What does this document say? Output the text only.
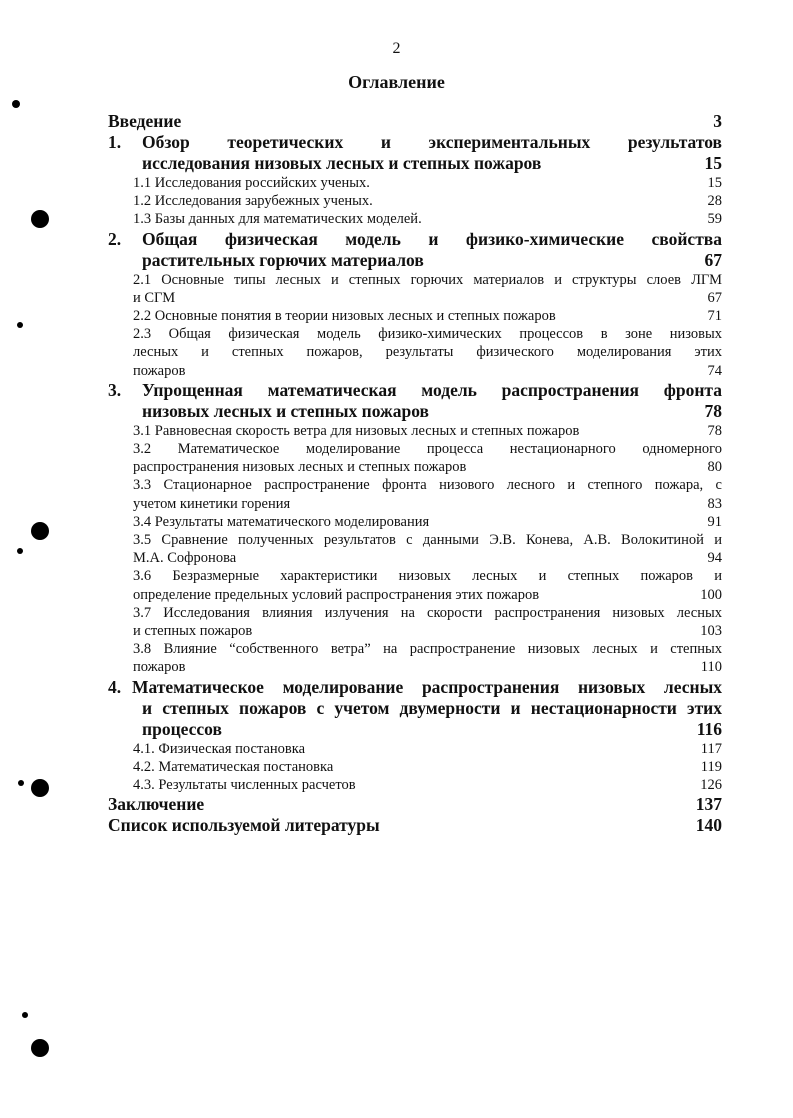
2
Оглавление
Введение	3
1.	Обзор теоретических и экспериментальных результатов
исследования низовых лесных и степных пожаров	15
1.1 Исследования российских ученых.	15
1.2 Исследования зарубежных ученых.	28
1.3 Базы данных для математических моделей.	59
2.	Общая физическая модель и физико-химические свойства
растительных горючих материалов	67
2.1 Основные типы лесных и степных горючих материалов и структуры слоев ЛГМ
и СГМ	67
2.2 Основные понятия в теории низовых лесных и степных пожаров	71
2.3 Общая физическая модель физико-химических процессов в зоне низовых
лесных и степных пожаров, результаты физического моделирования этих
пожаров	74
3.	Упрощенная математическая модель распространения фронта
низовых лесных и степных пожаров	78
3.1 Равновесная скорость ветра для низовых лесных и степных пожаров	78
3.2 Математическое моделирование процесса нестационарного одномерного
распространения низовых лесных и степных пожаров	80
3.3 Стационарное распространение фронта низового лесного и степного пожара, с
учетом кинетики горения	83
3.4 Результаты математического моделирования	91
3.5 Сравнение полученных результатов с данными Э.В. Конева, А.В. Волокитиной и
М.А. Софронова	94
3.6 Безразмерные характеристики низовых лесных и степных пожаров и
определение предельных условий распространения этих пожаров	100
3.7 Исследования влияния излучения на скорости распространения низовых лесных
и степных пожаров	103
3.8 Влияние “собственного ветра” на распространение низовых лесных и степных
пожаров	110
4. Математическое моделирование распространения низовых лесных
и степных пожаров с учетом двумерности и нестационарности этих
процессов	116
4.1. Физическая постановка	117
4.2. Математическая постановка	119
4.3. Результаты численных расчетов	126
Заключение	137
Список используемой литературы	140
